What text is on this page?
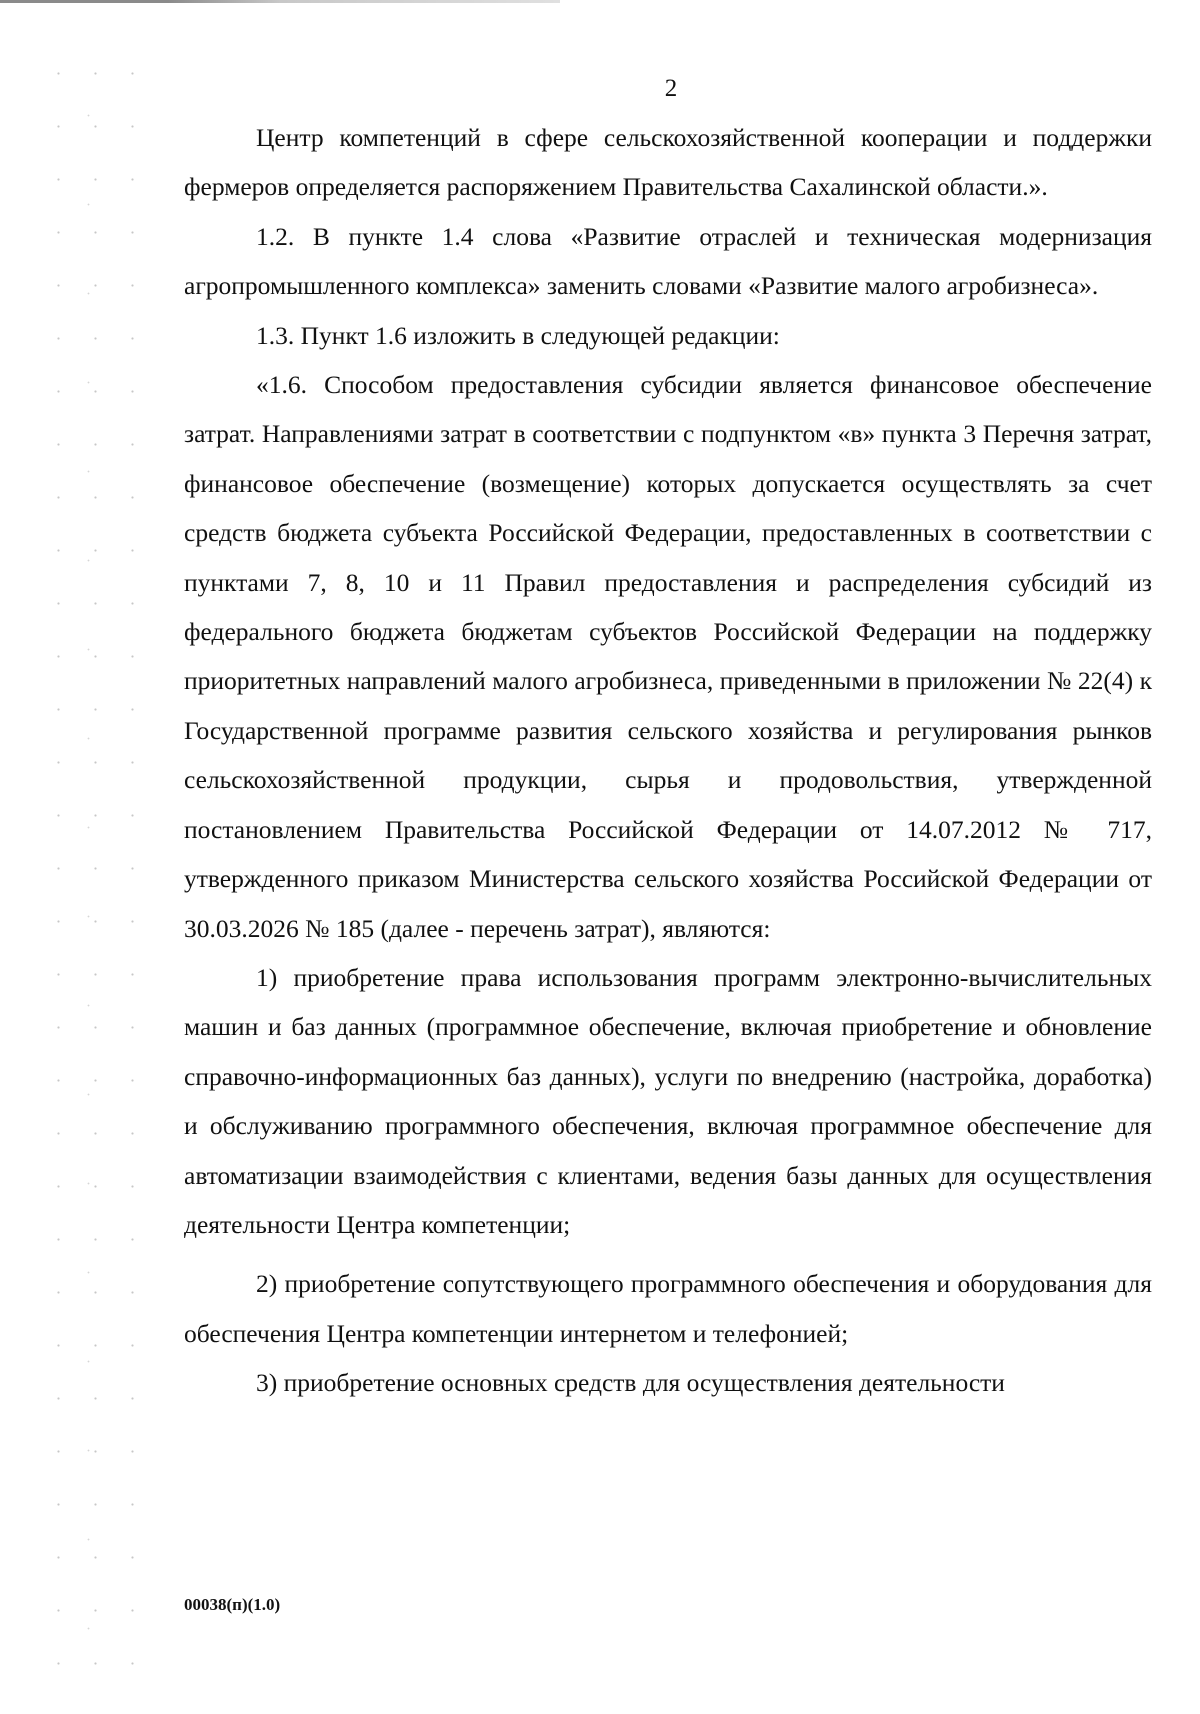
2

Центр компетенций в сфере сельскохозяйственной кооперации и поддержки фермеров определяется распоряжением Правительства Сахалинской области.».

1.2. В пункте 1.4 слова «Развитие отраслей и техническая модернизация агропромышленного комплекса» заменить словами «Развитие малого агробизнеса».

1.3. Пункт 1.6 изложить в следующей редакции:

«1.6. Способом предоставления субсидии является финансовое обеспечение затрат. Направлениями затрат в соответствии с подпунктом «в» пункта 3 Перечня затрат, финансовое обеспечение (возмещение) которых допускается осуществлять за счет средств бюджета субъекта Российской Федерации, предоставленных в соответствии с пунктами 7, 8, 10 и 11 Правил предоставления и распределения субсидий из федерального бюджета бюджетам субъектов Российской Федерации на поддержку приоритетных направлений малого агробизнеса, приведенными в приложении № 22(4) к Государственной программе развития сельского хозяйства и регулирования рынков сельскохозяйственной продукции, сырья и продовольствия, утвержденной постановлением Правительства Российской Федерации от 14.07.2012 № 717, утвержденного приказом Министерства сельского хозяйства Российской Федерации от 30.03.2026 № 185 (далее - перечень затрат), являются:

1) приобретение права использования программ электронно-вычислительных машин и баз данных (программное обеспечение, включая приобретение и обновление справочно-информационных баз данных), услуги по внедрению (настройка, доработка) и обслуживанию программного обеспечения, включая программное обеспечение для автоматизации взаимодействия с клиентами, ведения базы данных для осуществления деятельности Центра компетенции;

2) приобретение сопутствующего программного обеспечения и оборудования для обеспечения Центра компетенции интернетом и телефонией;

3) приобретение основных средств для осуществления деятельности

00038(п)(1.0)
